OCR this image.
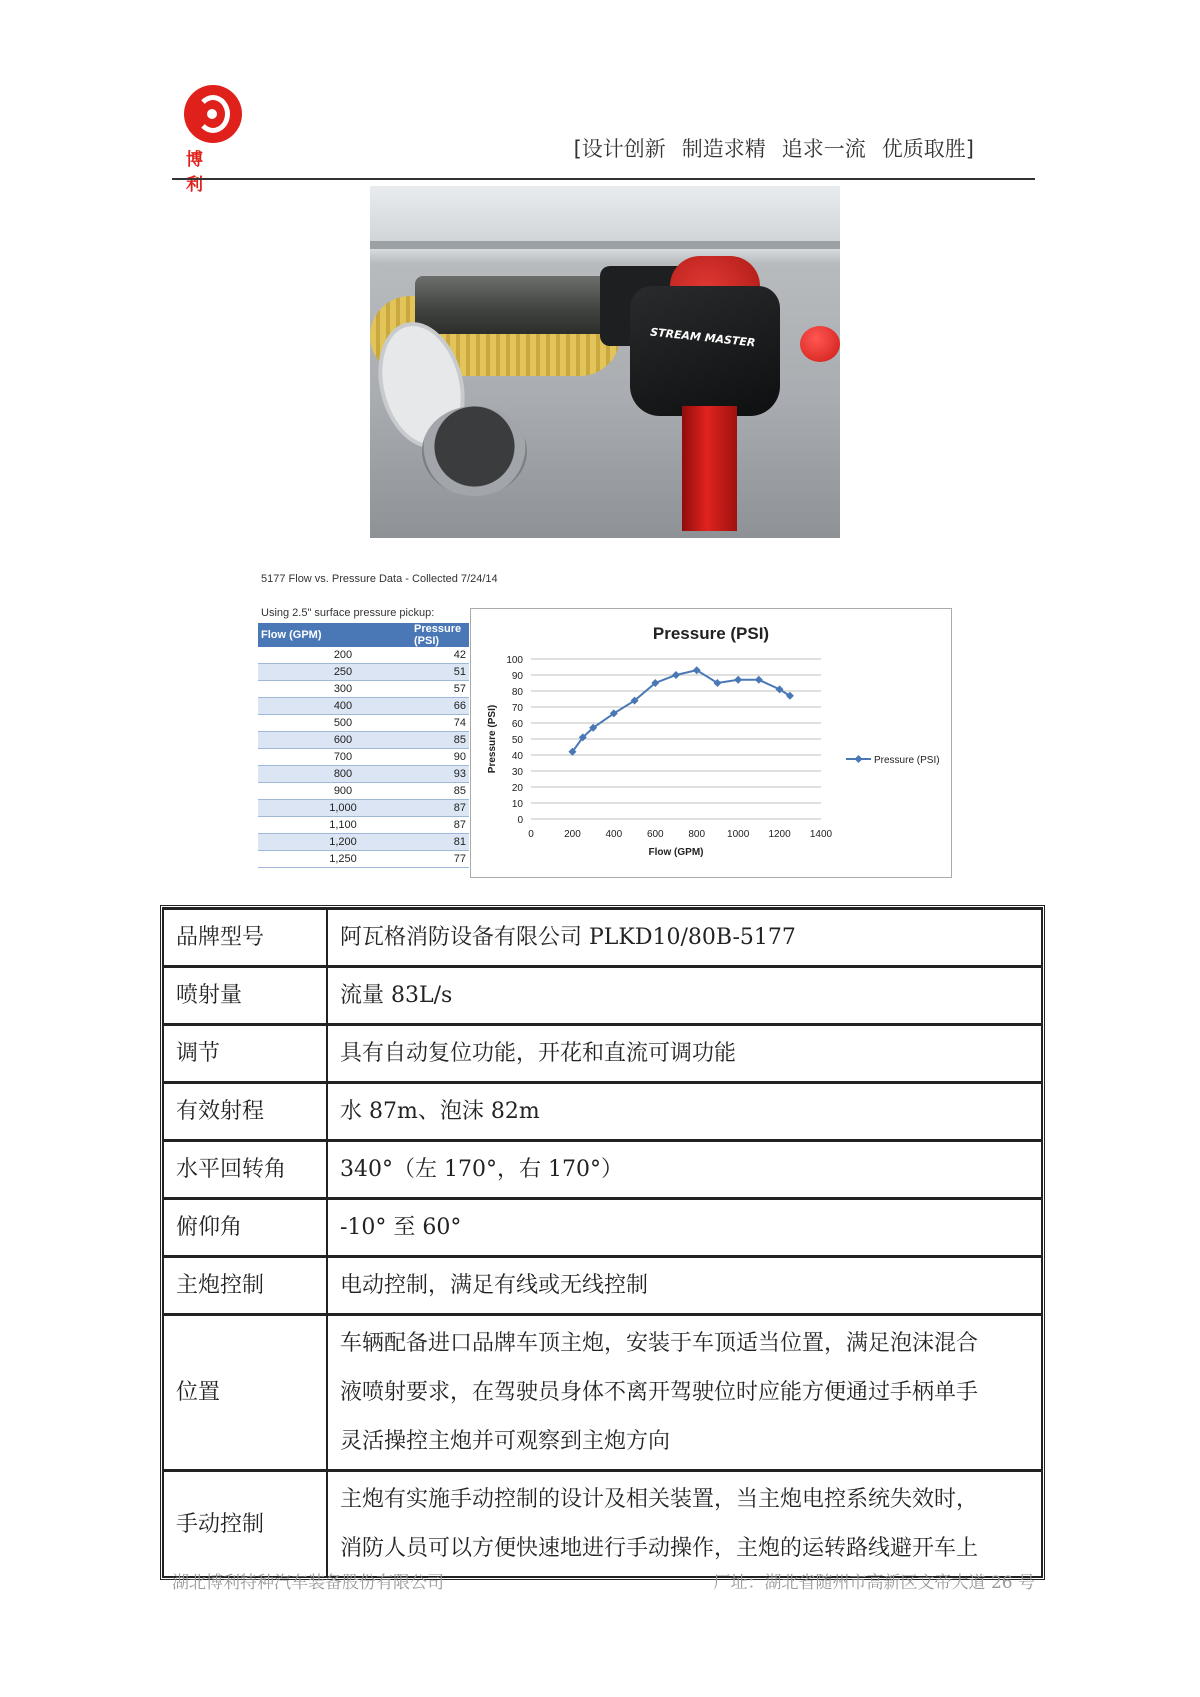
博 利
[设计创新 制造求精 追求一流 优质取胜]
STREAM MASTER
5177 Flow vs. Pressure Data - Collected 7/24/14
Using 2.5" surface pressure pickup:
Flow (GPM)	Pressure (PSI)
200	42
250	51
300	57
400	66
500	74
600	85
700	90
800	93
900	85
1,000	87
1,100	87
1,200	81
1,250	77
Pressure (PSI)
0
10
20
30
40
50
60
70
80
90
100
0	200 400 600 800 1000 1200 1400
Flow (GPM)
Pressure (PSI)	Pressure (PSI)
品牌型号	阿瓦格消防设备有限公司 PLKD10/80B-5177

喷射量	流量 83L/s

调节	具有自动复位功能，开花和直流可调功能

有效射程	水 87m、泡沫 82m

水平回转角	340°（左 170°，右 170°）

俯仰角	-10° 至 60°

主炮控制	电动控制，满足有线或无线控制

位置	车辆配备进口品牌车顶主炮，安装于车顶适当位置，满足泡沫混合
液喷射要求，在驾驶员身体不离开驾驶位时应能方便通过手柄单手
灵活操控主炮并可观察到主炮方向

手动控制	主炮有实施手动控制的设计及相关装置，当主炮电控系统失效时，
消防人员可以方便快速地进行手动操作，主炮的运转路线避开车上
湖北博利特种汽车装备股份有限公司	厂址：湖北省随州市高新区文帝大道 26 号
